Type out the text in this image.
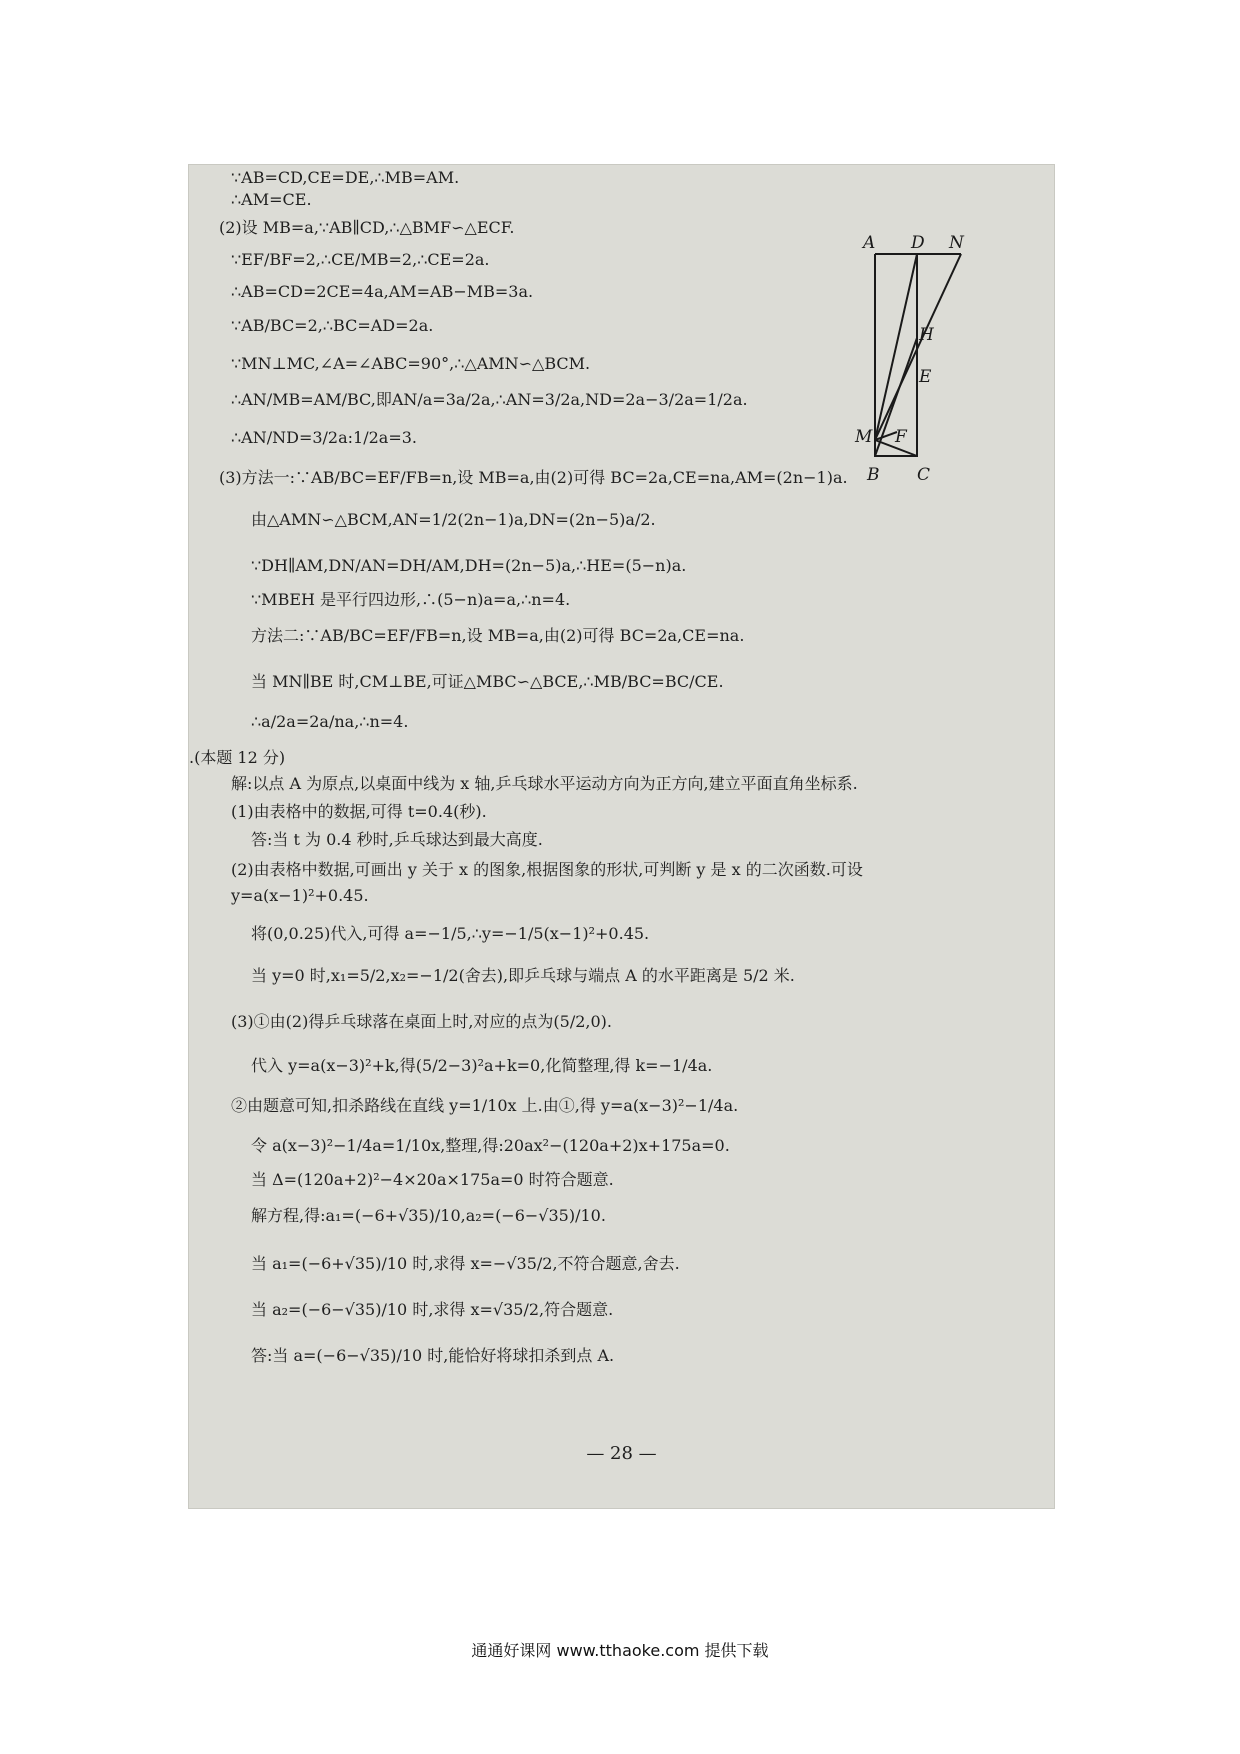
∵AB=CD,CE=DE,∴MB=AM.
∴AM=CE.
(2)设 MB=a,∵AB∥CD,∴△BMF∽△ECF.
∵EF/BF=2,∴CE/MB=2,∴CE=2a.
∴AB=CD=2CE=4a,AM=AB−MB=3a.
∵AB/BC=2,∴BC=AD=2a.
∵MN⊥MC,∠A=∠ABC=90°,∴△AMN∽△BCM.
∴AN/MB=AM/BC,即AN/a=3a/2a,∴AN=3/2a,ND=2a−3/2a=1/2a.
∴AN/ND=3/2a:1/2a=3.
(3)方法一:∵AB/BC=EF/FB=n,设 MB=a,由(2)可得 BC=2a,CE=na,AM=(2n−1)a.
由△AMN∽△BCM,AN=1/2(2n−1)a,DN=(2n−5)a/2.
∵DH∥AM,DN/AN=DH/AM,DH=(2n−5)a,∴HE=(5−n)a.
∵MBEH 是平行四边形,∴(5−n)a=a,∴n=4.
方法二:∵AB/BC=EF/FB=n,设 MB=a,由(2)可得 BC=2a,CE=na.
当 MN∥BE 时,CM⊥BE,可证△MBC∽△BCE,∴MB/BC=BC/CE.
∴a/2a=2a/na,∴n=4.
.(本题 12 分)
解:以点 A 为原点,以桌面中线为 x 轴,乒乓球水平运动方向为正方向,建立平面直角坐标系.
(1)由表格中的数据,可得 t=0.4(秒).
答:当 t 为 0.4 秒时,乒乓球达到最大高度.
(2)由表格中数据,可画出 y 关于 x 的图象,根据图象的形状,可判断 y 是 x 的二次函数.可设
y=a(x−1)²+0.45.
将(0,0.25)代入,可得 a=−1/5,∴y=−1/5(x−1)²+0.45.
当 y=0 时,x₁=5/2,x₂=−1/2(舍去),即乒乓球与端点 A 的水平距离是 5/2 米.
(3)①由(2)得乒乓球落在桌面上时,对应的点为(5/2,0).
代入 y=a(x−3)²+k,得(5/2−3)²a+k=0,化简整理,得 k=−1/4a.
②由题意可知,扣杀路线在直线 y=1/10x 上.由①,得 y=a(x−3)²−1/4a.
令 a(x−3)²−1/4a=1/10x,整理,得:20ax²−(120a+2)x+175a=0.
当 Δ=(120a+2)²−4×20a×175a=0 时符合题意.
解方程,得:a₁=(−6+√35)/10,a₂=(−6−√35)/10.
当 a₁=(−6+√35)/10 时,求得 x=−√35/2,不符合题意,舍去.
当 a₂=(−6−√35)/10 时,求得 x=√35/2,符合题意.
答:当 a=(−6−√35)/10 时,能恰好将球扣杀到点 A.
— 28 —
A D N
H
E
M F
B C
通通好课网 www.tthaoke.com 提供下载
